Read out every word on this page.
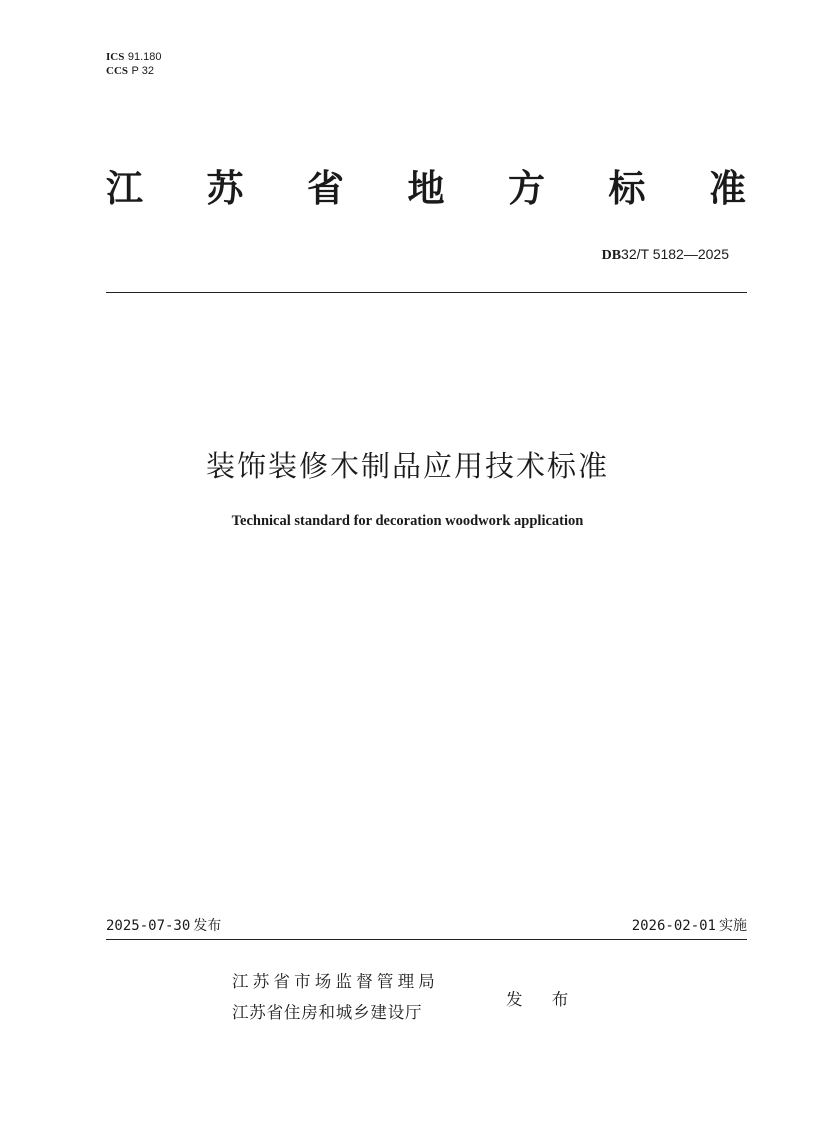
ICS 91.180
CCS P 32
江 苏 省 地 方 标 准
DB32/T 5182—2025
装饰装修木制品应用技术标准
Technical standard for decoration woodwork application
2025-07-30 发布	2026-02-01 实施
江苏省市场监督管理局
江苏省住房和城乡建设厅
发 布
